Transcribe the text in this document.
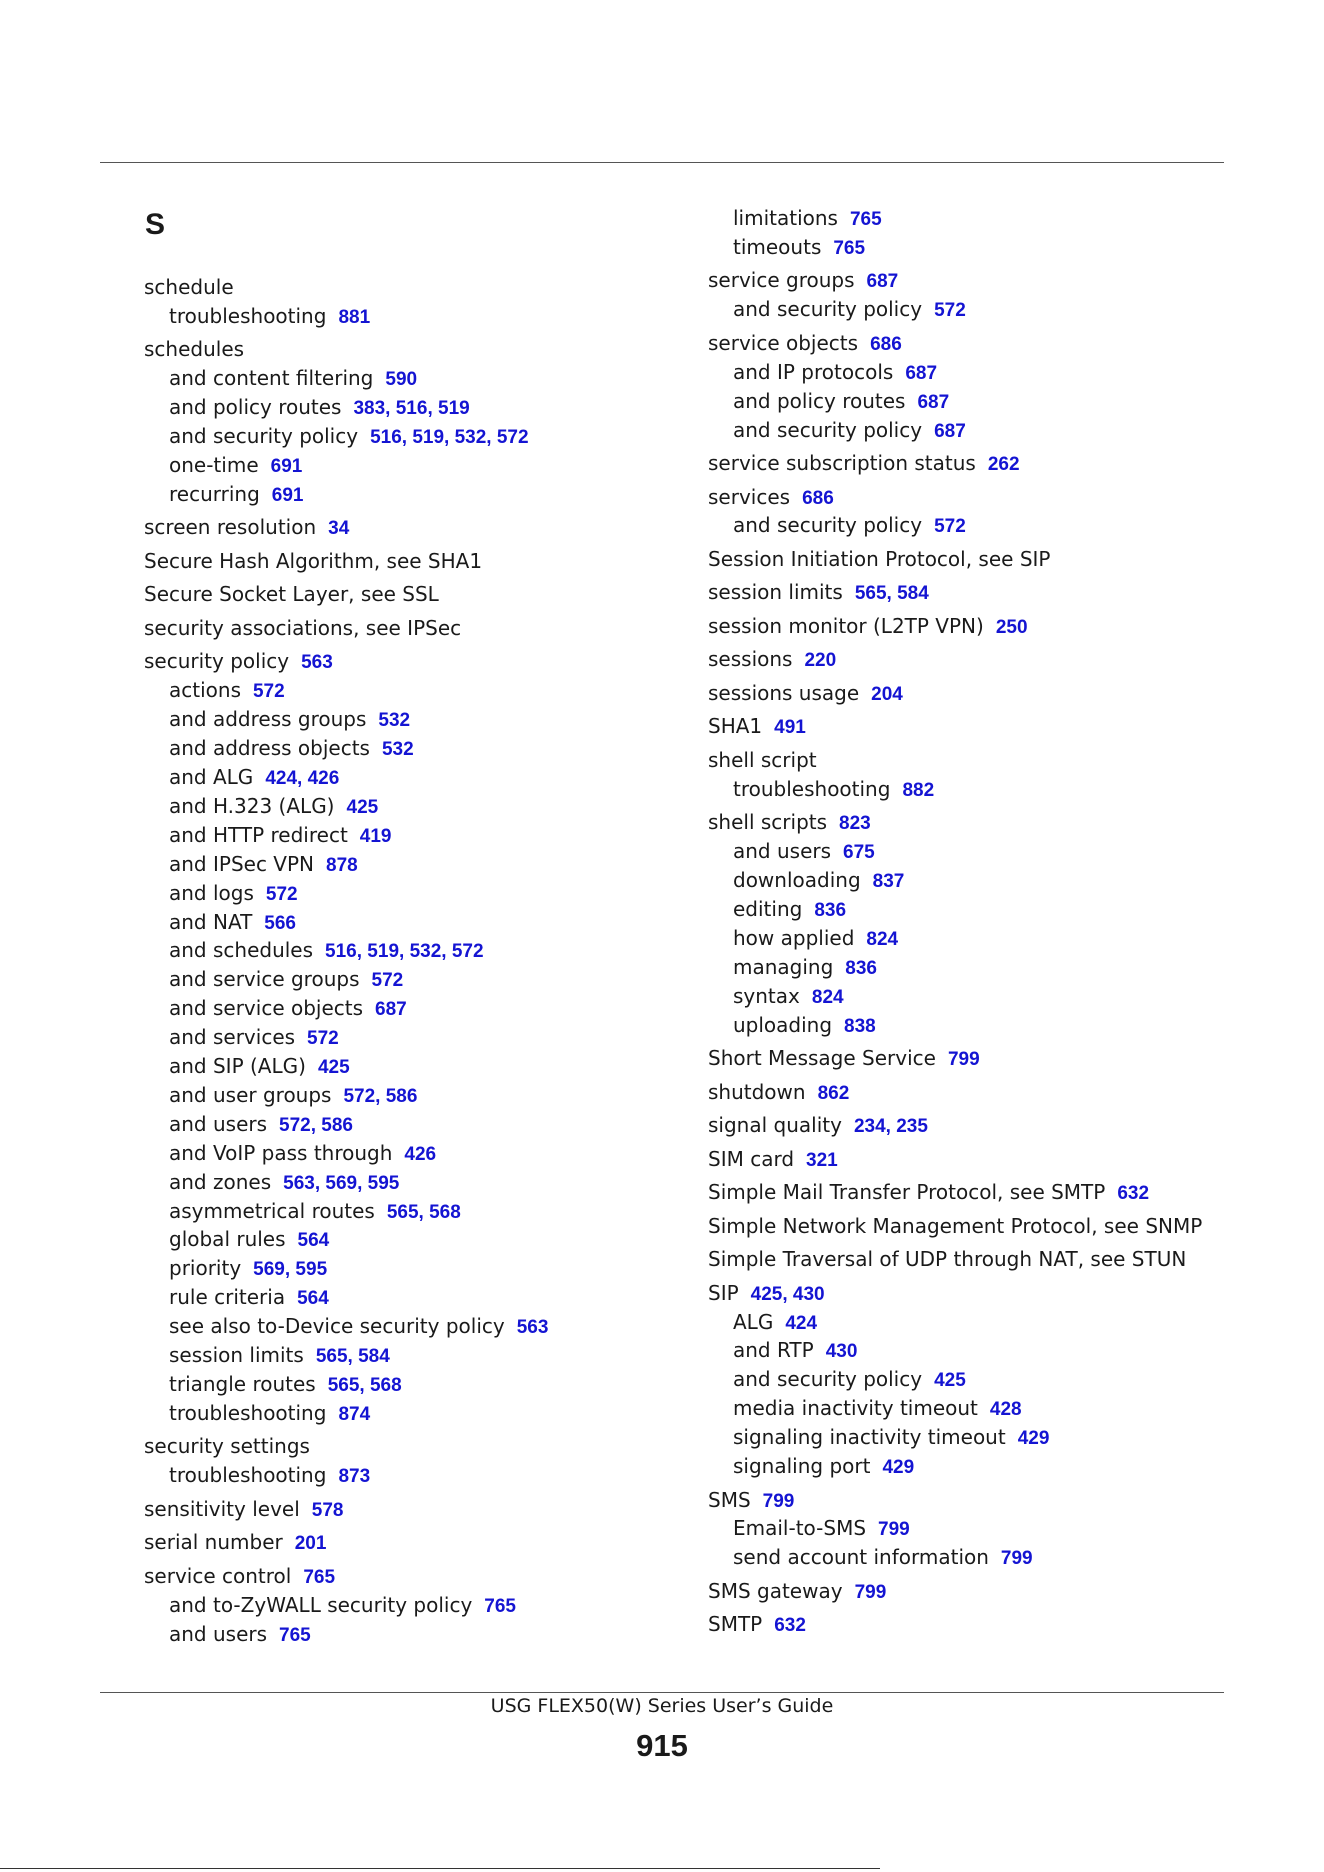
S
schedule
troubleshooting 881
schedules
and content filtering 590
and policy routes 383, 516, 519
and security policy 516, 519, 532, 572
one-time 691
recurring 691
screen resolution 34
Secure Hash Algorithm, see SHA1
Secure Socket Layer, see SSL
security associations, see IPSec
security policy 563
actions 572
and address groups 532
and address objects 532
and ALG 424, 426
and H.323 (ALG) 425
and HTTP redirect 419
and IPSec VPN 878
and logs 572
and NAT 566
and schedules 516, 519, 532, 572
and service groups 572
and service objects 687
and services 572
and SIP (ALG) 425
and user groups 572, 586
and users 572, 586
and VoIP pass through 426
and zones 563, 569, 595
asymmetrical routes 565, 568
global rules 564
priority 569, 595
rule criteria 564
see also to-Device security policy 563
session limits 565, 584
triangle routes 565, 568
troubleshooting 874
security settings
troubleshooting 873
sensitivity level 578
serial number 201
service control 765
and to-ZyWALL security policy 765
and users 765
limitations 765
timeouts 765
service groups 687
and security policy 572
service objects 686
and IP protocols 687
and policy routes 687
and security policy 687
service subscription status 262
services 686
and security policy 572
Session Initiation Protocol, see SIP
session limits 565, 584
session monitor (L2TP VPN) 250
sessions 220
sessions usage 204
SHA1 491
shell script
troubleshooting 882
shell scripts 823
and users 675
downloading 837
editing 836
how applied 824
managing 836
syntax 824
uploading 838
Short Message Service 799
shutdown 862
signal quality 234, 235
SIM card 321
Simple Mail Transfer Protocol, see SMTP 632
Simple Network Management Protocol, see SNMP
Simple Traversal of UDP through NAT, see STUN
SIP 425, 430
ALG 424
and RTP 430
and security policy 425
media inactivity timeout 428
signaling inactivity timeout 429
signaling port 429
SMS 799
Email-to-SMS 799
send account information 799
SMS gateway 799
SMTP 632
USG FLEX50(W) Series User’s Guide
915
